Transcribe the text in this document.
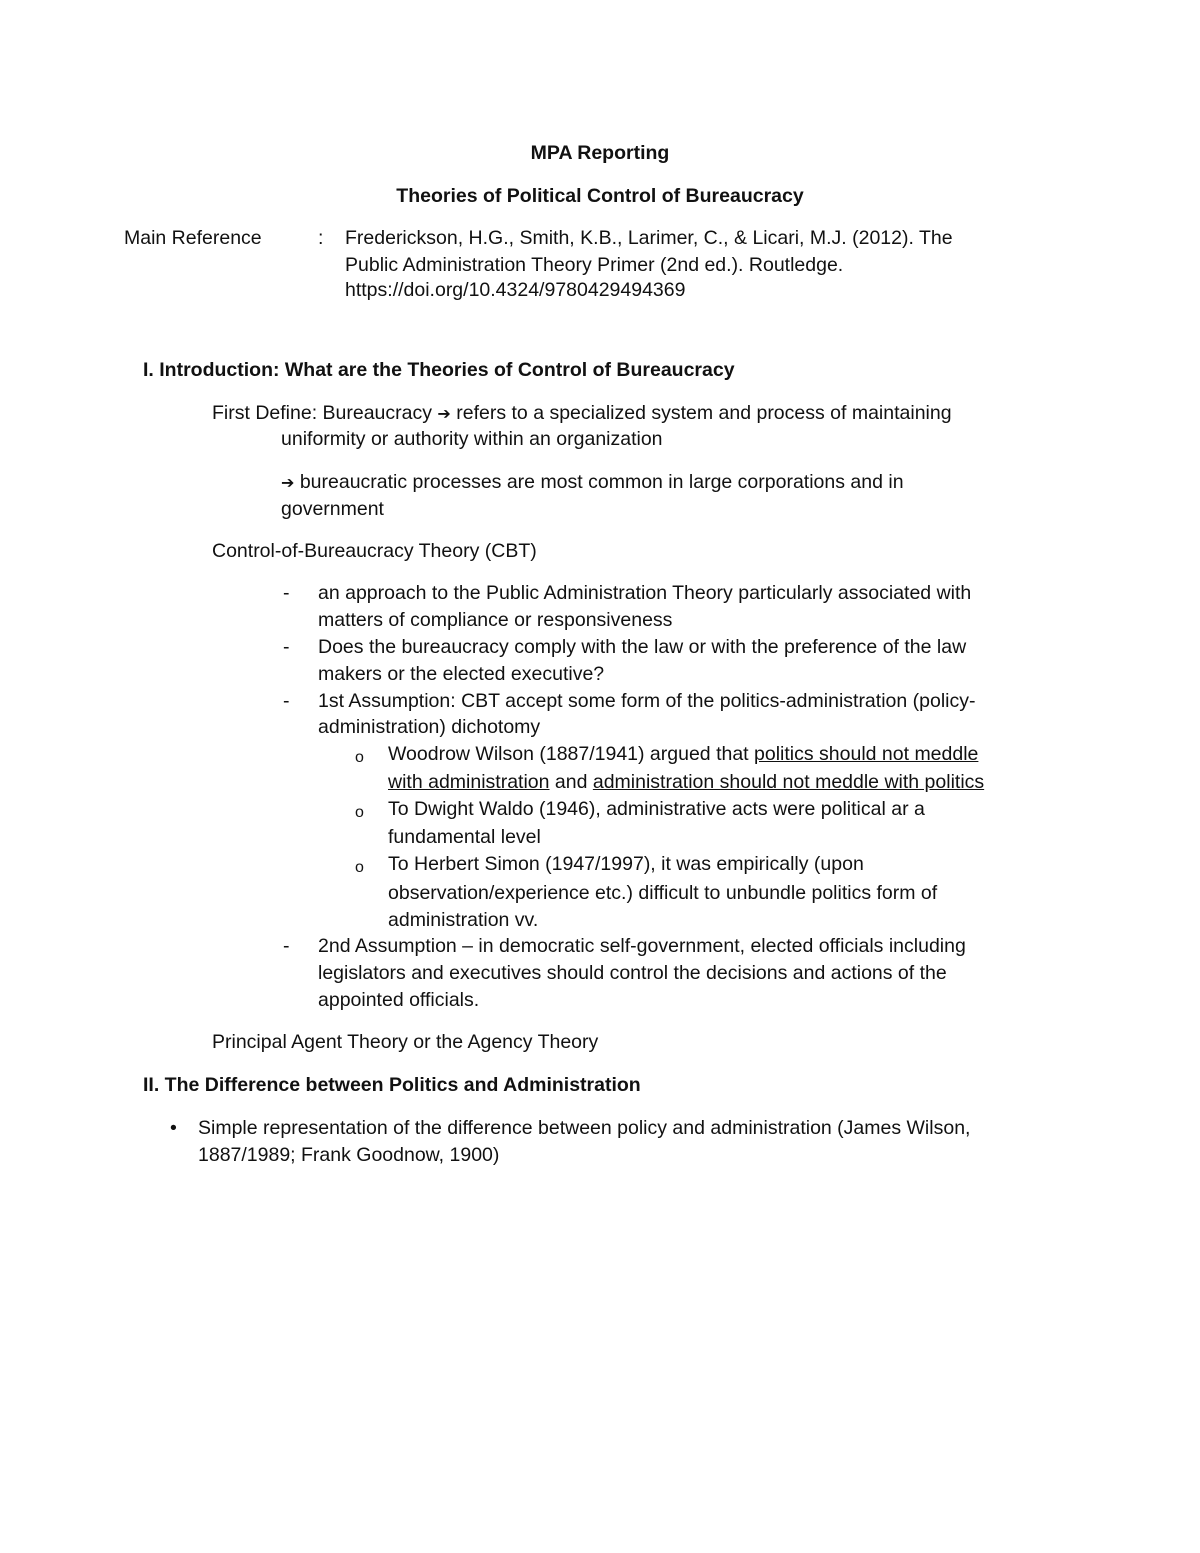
MPA Reporting
Theories of Political Control of Bureaucracy
Main Reference	: Frederickson, H.G., Smith, K.B., Larimer, C., & Licari, M.J. (2012). The
Public Administration Theory Primer (2nd ed.). Routledge.
https://doi.org/10.4324/9780429494369
I. Introduction: What are the Theories of Control of Bureaucracy
First Define: Bureaucracy ➔ refers to a specialized system and process of maintaining
uniformity or authority within an organization
➔ bureaucratic processes are most common in large corporations and in
government
Control-of-Bureaucracy Theory (CBT)
- an approach to the Public Administration Theory particularly associated with
matters of compliance or responsiveness
- Does the bureaucracy comply with the law or with the preference of the law
makers or the elected executive?
- 1st Assumption: CBT accept some form of the politics-administration (policy-
administration) dichotomy
o Woodrow Wilson (1887/1941) argued that politics should not meddle
with administration and administration should not meddle with politics
o To Dwight Waldo (1946), administrative acts were political ar a
fundamental level
o To Herbert Simon (1947/1997), it was empirically (upon
observation/experience etc.) difficult to unbundle politics form of
administration vv.
- 2nd Assumption – in democratic self-government, elected officials including
legislators and executives should control the decisions and actions of the
appointed officials.
Principal Agent Theory or the Agency Theory
II. The Difference between Politics and Administration
• Simple representation of the difference between policy and administration (James Wilson,
1887/1989; Frank Goodnow, 1900)
